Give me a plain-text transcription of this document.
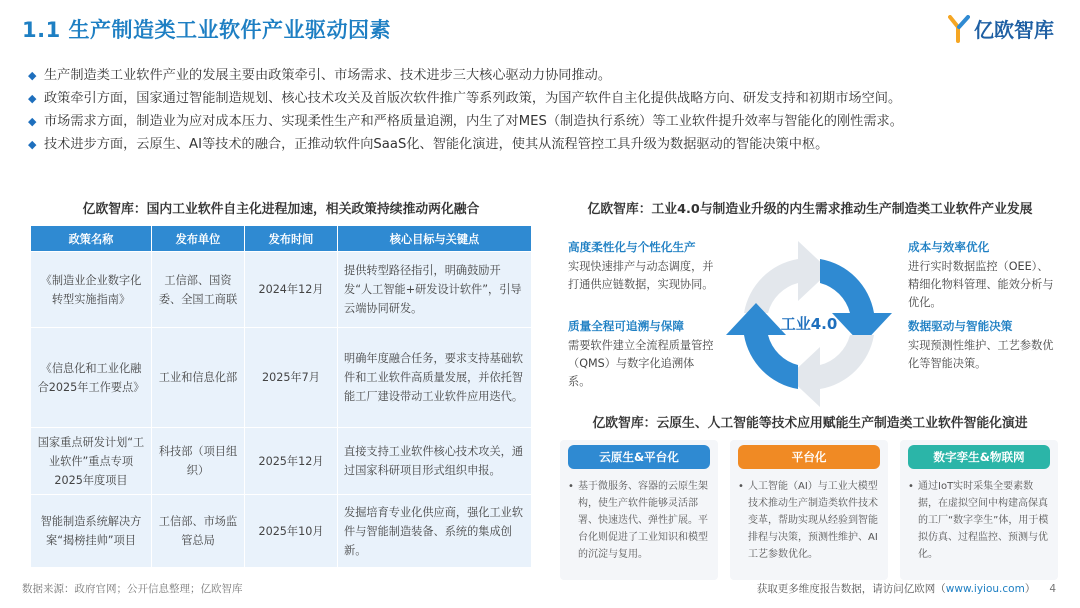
1.1 生产制造类工业软件产业驱动因素	亿欧智库
◆ 生产制造类工业软件产业的发展主要由政策牵引、市场需求、技术进步三大核心驱动力协同推动。
◆ 政策牵引方面，国家通过智能制造规划、核心技术攻关及首版次软件推广等系列政策，为国产软件自主化提供战略方向、研发支持和初期市场空间。
◆ 市场需求方面，制造业为应对成本压力、实现柔性生产和严格质量追溯，内生了对MES（制造执行系统）等工业软件提升效率与智能化的刚性需求。
◆ 技术进步方面，云原生、AI等技术的融合，正推动软件向SaaS化、智能化演进，使其从流程管控工具升级为数据驱动的智能决策中枢。
亿欧智库：国内工业软件自主化进程加速，相关政策持续推动两化融合
政策名称	发布单位	发布时间	核心目标与关键点
《制造业企业数字化转型实施指南》	工信部、国资委、全国工商联	2024年12月	提供转型路径指引，明确鼓励开发“人工智能+研发设计软件”，引导云端协同研发。
《信息化和工业化融合2025年工作要点》	工业和信息化部	2025年7月	明确年度融合任务，要求支持基础软件和工业软件高质量发展，并依托智能工厂建设带动工业软件应用迭代。
国家重点研发计划“工业软件”重点专项2025年度项目	科技部（项目组织）	2025年12月	直接支持工业软件核心技术攻关，通过国家科研项目形式组织申报。
智能制造系统解决方案“揭榜挂帅”项目	工信部、市场监管总局	2025年10月	发掘培育专业化供应商，强化工业软件与智能制造装备、系统的集成创新。
亿欧智库：工业4.0与制造业升级的内生需求推动生产制造类工业软件产业发展
高度柔性化与个性化生产
实现快速排产与动态调度，并打通供应链数据，实现协同。
成本与效率优化
进行实时数据监控（OEE）、精细化物料管理、能效分析与优化。
质量全程可追溯与保障
需要软件建立全流程质量管控（QMS）与数字化追溯体系。
数据驱动与智能决策
实现预测性维护、工艺参数优化等智能决策。
工业4.0
亿欧智库：云原生、人工智能等技术应用赋能生产制造类工业软件智能化演进
云原生&平台化
• 基于微服务、容器的云原生架构，使生产软件能够灵活部署、快速迭代、弹性扩展。平台化则促进了工业知识和模型的沉淀与复用。
平台化
• 人工智能（AI）与工业大模型技术推动生产制造类软件技术变革，帮助实现从经验到智能排程与决策，预测性维护、AI工艺参数优化。
数字孪生&物联网
• 通过IoT实时采集全要素数据，在虚拟空间中构建高保真的工厂“数字孪生”体，用于模拟仿真、过程监控、预测与优化。
数据来源：政府官网；公开信息整理；亿欧智库	获取更多维度报告数据，请访问亿欧网（www.iyiou.com） 4
